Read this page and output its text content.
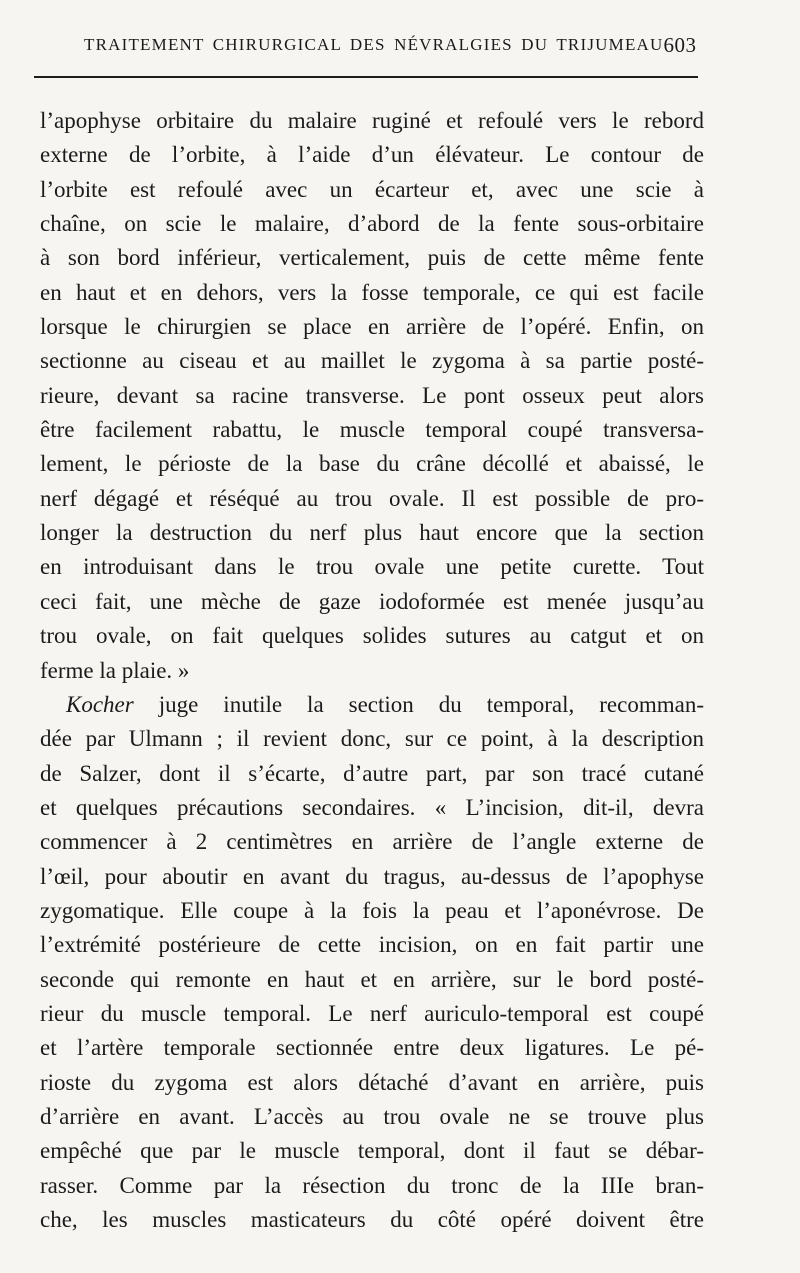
TRAITEMENT CHIRURGICAL DES NÉVRALGIES DU TRIJUMEAU 603
l’apophyse orbitaire du malaire ruginé et refoulé vers le rebord
externe de l’orbite, à l’aide d’un élévateur. Le contour de
l’orbite est refoulé avec un écarteur et, avec une scie à
chaîne, on scie le malaire, d’abord de la fente sous-orbitaire
à son bord inférieur, verticalement, puis de cette même fente
en haut et en dehors, vers la fosse temporale, ce qui est facile
lorsque le chirurgien se place en arrière de l’opéré. Enfin, on
sectionne au ciseau et au maillet le zygoma à sa partie posté-
rieure, devant sa racine transverse. Le pont osseux peut alors
être facilement rabattu, le muscle temporal coupé transversa-
lement, le périoste de la base du crâne décollé et abaissé, le
nerf dégagé et réséqué au trou ovale. Il est possible de pro-
longer la destruction du nerf plus haut encore que la section
en introduisant dans le trou ovale une petite curette. Tout
ceci fait, une mèche de gaze iodoformée est menée jusqu’au
trou ovale, on fait quelques solides sutures au catgut et on
ferme la plaie. »
Kocher juge inutile la section du temporal, recomman-
dée par Ulmann ; il revient donc, sur ce point, à la description
de Salzer, dont il s’écarte, d’autre part, par son tracé cutané
et quelques précautions secondaires. « L’incision, dit-il, devra
commencer à 2 centimètres en arrière de l’angle externe de
l’œil, pour aboutir en avant du tragus, au-dessus de l’apophyse
zygomatique. Elle coupe à la fois la peau et l’aponévrose. De
l’extrémité postérieure de cette incision, on en fait partir une
seconde qui remonte en haut et en arrière, sur le bord posté-
rieur du muscle temporal. Le nerf auriculo-temporal est coupé
et l’artère temporale sectionnée entre deux ligatures. Le pé-
rioste du zygoma est alors détaché d’avant en arrière, puis
d’arrière en avant. L’accès au trou ovale ne se trouve plus
empêché que par le muscle temporal, dont il faut se débar-
rasser. Comme par la résection du tronc de la IIIe bran-
che, les muscles masticateurs du côté opéré doivent être
